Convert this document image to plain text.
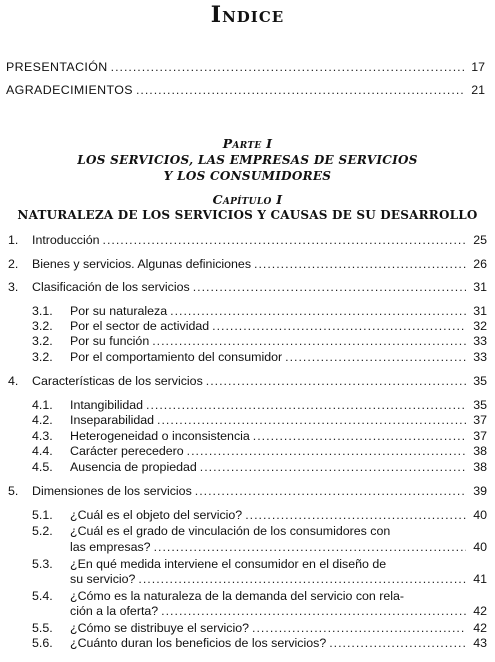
Indice
PRESENTACIÓN .....	17
AGRADECIMIENTOS .....	21
Parte I
LOS SERVICIOS, LAS EMPRESAS DE SERVICIOS
Y LOS CONSUMIDORES
Capítulo I
NATURALEZA DE LOS SERVICIOS Y CAUSAS DE SU DESARROLLO
1.	Introducción .....	25
2.	Bienes y servicios. Algunas definiciones .....	26
3.	Clasificación de los servicios .....	31
3.1.	Por su naturaleza .....	31
3.2.	Por el sector de actividad .....	32
3.2.	Por su función .....	33
3.2.	Por el comportamiento del consumidor .....	33
4.	Características de los servicios .....	35
4.1.	Intangibilidad .....	35
4.2.	Inseparabilidad .....	37
4.3.	Heterogeneidad o inconsistencia .....	37
4.4.	Carácter perecedero .....	38
4.5.	Ausencia de propiedad .....	38
5.	Dimensiones de los servicios .....	39
5.1.	¿Cuál es el objeto del servicio? .....	40
5.2. ¿Cuál es el grado de vinculación de los consumidores con
las empresas? .....	40
5.3. ¿En qué medida interviene el consumidor en el diseño de
su servicio? .....	41
5.4. ¿Cómo es la naturaleza de la demanda del servicio con rela-
ción a la oferta? .....	42
5.5.	¿Cómo se distribuye el servicio? .....	42
5.6.	¿Cuánto duran los beneficios de los servicios? .....	43
